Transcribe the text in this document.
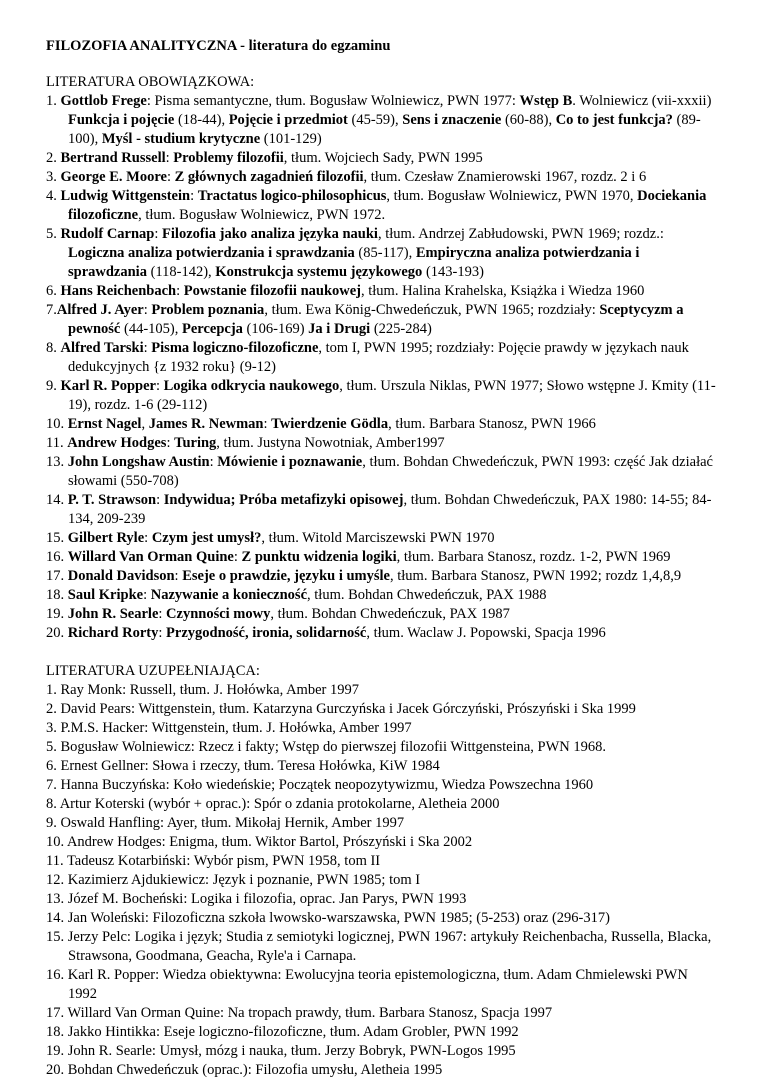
FILOZOFIA ANALITYCZNA - literatura do egzaminu
LITERATURA OBOWIĄZKOWA:
1. Gottlob Frege: Pisma semantyczne, tłum. Bogusław Wolniewicz, PWN 1977: Wstęp B. Wolniewicz (vii-xxxii) Funkcja i pojęcie (18-44), Pojęcie i przedmiot (45-59), Sens i znaczenie (60-88), Co to jest funkcja? (89-100), Myśl - studium krytyczne (101-129)
2. Bertrand Russell: Problemy filozofii, tłum. Wojciech Sady, PWN 1995
3. George E. Moore: Z głównych zagadnień filozofii, tłum. Czesław Znamierowski 1967, rozdz. 2 i 6
4. Ludwig Wittgenstein: Tractatus logico-philosophicus, tłum. Bogusław Wolniewicz, PWN 1970, Dociekania filozoficzne, tłum. Bogusław Wolniewicz, PWN 1972.
5. Rudolf Carnap: Filozofia jako analiza języka nauki, tłum. Andrzej Zabłudowski, PWN 1969; rozdz.: Logiczna analiza potwierdzania i sprawdzania (85-117), Empiryczna analiza potwierdzania i sprawdzania (118-142), Konstrukcja systemu językowego (143-193)
6. Hans Reichenbach: Powstanie filozofii naukowej, tłum. Halina Krahelska, Książka i Wiedza 1960
7.Alfred J. Ayer: Problem poznania, tłum. Ewa König-Chwedeńczuk, PWN 1965; rozdziały: Sceptycyzm a pewność (44-105), Percepcja (106-169) Ja i Drugi (225-284)
8. Alfred Tarski: Pisma logiczno-filozoficzne, tom I, PWN 1995; rozdziały: Pojęcie prawdy w językach nauk dedukcyjnych {z 1932 roku} (9-12)
9. Karl R. Popper: Logika odkrycia naukowego, tłum. Urszula Niklas, PWN 1977; Słowo wstępne J. Kmity (11-19), rozdz. 1-6 (29-112)
10. Ernst Nagel, James R. Newman: Twierdzenie Gödla, tłum. Barbara Stanosz, PWN 1966
11. Andrew Hodges: Turing, tłum. Justyna Nowotniak, Amber1997
13. John Longshaw Austin: Mówienie i poznawanie, tłum. Bohdan Chwedeńczuk, PWN 1993: część Jak działać słowami (550-708)
14. P. T. Strawson: Indywidua; Próba metafizyki opisowej, tłum. Bohdan Chwedeńczuk, PAX 1980: 14-55; 84-134, 209-239
15. Gilbert Ryle: Czym jest umysł?, tłum. Witold Marciszewski PWN 1970
16. Willard Van Orman Quine: Z punktu widzenia logiki, tłum. Barbara Stanosz, rozdz. 1-2, PWN 1969
17. Donald Davidson: Eseje o prawdzie, języku i umyśle, tłum. Barbara Stanosz, PWN 1992; rozdz 1,4,8,9
18. Saul Kripke: Nazywanie a konieczność, tłum. Bohdan Chwedeńczuk, PAX 1988
19. John R. Searle: Czynności mowy, tłum. Bohdan Chwedeńczuk, PAX 1987
20. Richard Rorty: Przygodność, ironia, solidarność, tłum. Waclaw J. Popowski, Spacja 1996
LITERATURA UZUPEŁNIAJĄCA:
1. Ray Monk: Russell, tłum. J. Hołówka, Amber 1997
2. David Pears: Wittgenstein, tłum. Katarzyna Gurczyńska i Jacek Górczyński, Prószyński i Ska 1999
3. P.M.S. Hacker: Wittgenstein, tłum. J. Hołówka, Amber 1997
5. Bogusław Wolniewicz: Rzecz i fakty; Wstęp do pierwszej filozofii Wittgensteina, PWN 1968.
6. Ernest Gellner: Słowa i rzeczy, tłum. Teresa Hołówka, KiW 1984
7. Hanna Buczyńska: Koło wiedeńskie; Początek neopozytywizmu, Wiedza Powszechna 1960
8. Artur Koterski (wybór + oprac.): Spór o zdania protokolarne, Aletheia 2000
9. Oswald Hanfling: Ayer, tłum. Mikołaj Hernik, Amber 1997
10. Andrew Hodges: Enigma, tłum. Wiktor Bartol, Prószyński i Ska 2002
11. Tadeusz Kotarbiński: Wybór pism, PWN 1958, tom II
12. Kazimierz Ajdukiewicz: Język i poznanie, PWN 1985; tom I
13. Józef M. Bocheński: Logika i filozofia, oprac. Jan Parys, PWN 1993
14. Jan Woleński: Filozoficzna szkoła lwowsko-warszawska, PWN 1985; (5-253) oraz (296-317)
15. Jerzy Pelc: Logika i język; Studia z semiotyki logicznej, PWN 1967: artykuły Reichenbacha, Russella, Blacka, Strawsona, Goodmana, Geacha, Ryle'a i Carnapa.
16. Karl R. Popper: Wiedza obiektywna: Ewolucyjna teoria epistemologiczna, tłum. Adam Chmielewski PWN 1992
17. Willard Van Orman Quine: Na tropach prawdy, tłum. Barbara Stanosz, Spacja 1997
18. Jakko Hintikka: Eseje logiczno-filozoficzne, tłum. Adam Grobler, PWN 1992
19. John R. Searle: Umysł, mózg i nauka, tłum. Jerzy Bobryk, PWN-Logos 1995
20. Bohdan Chwedeńczuk (oprac.): Filozofia umysłu, Aletheia 1995
